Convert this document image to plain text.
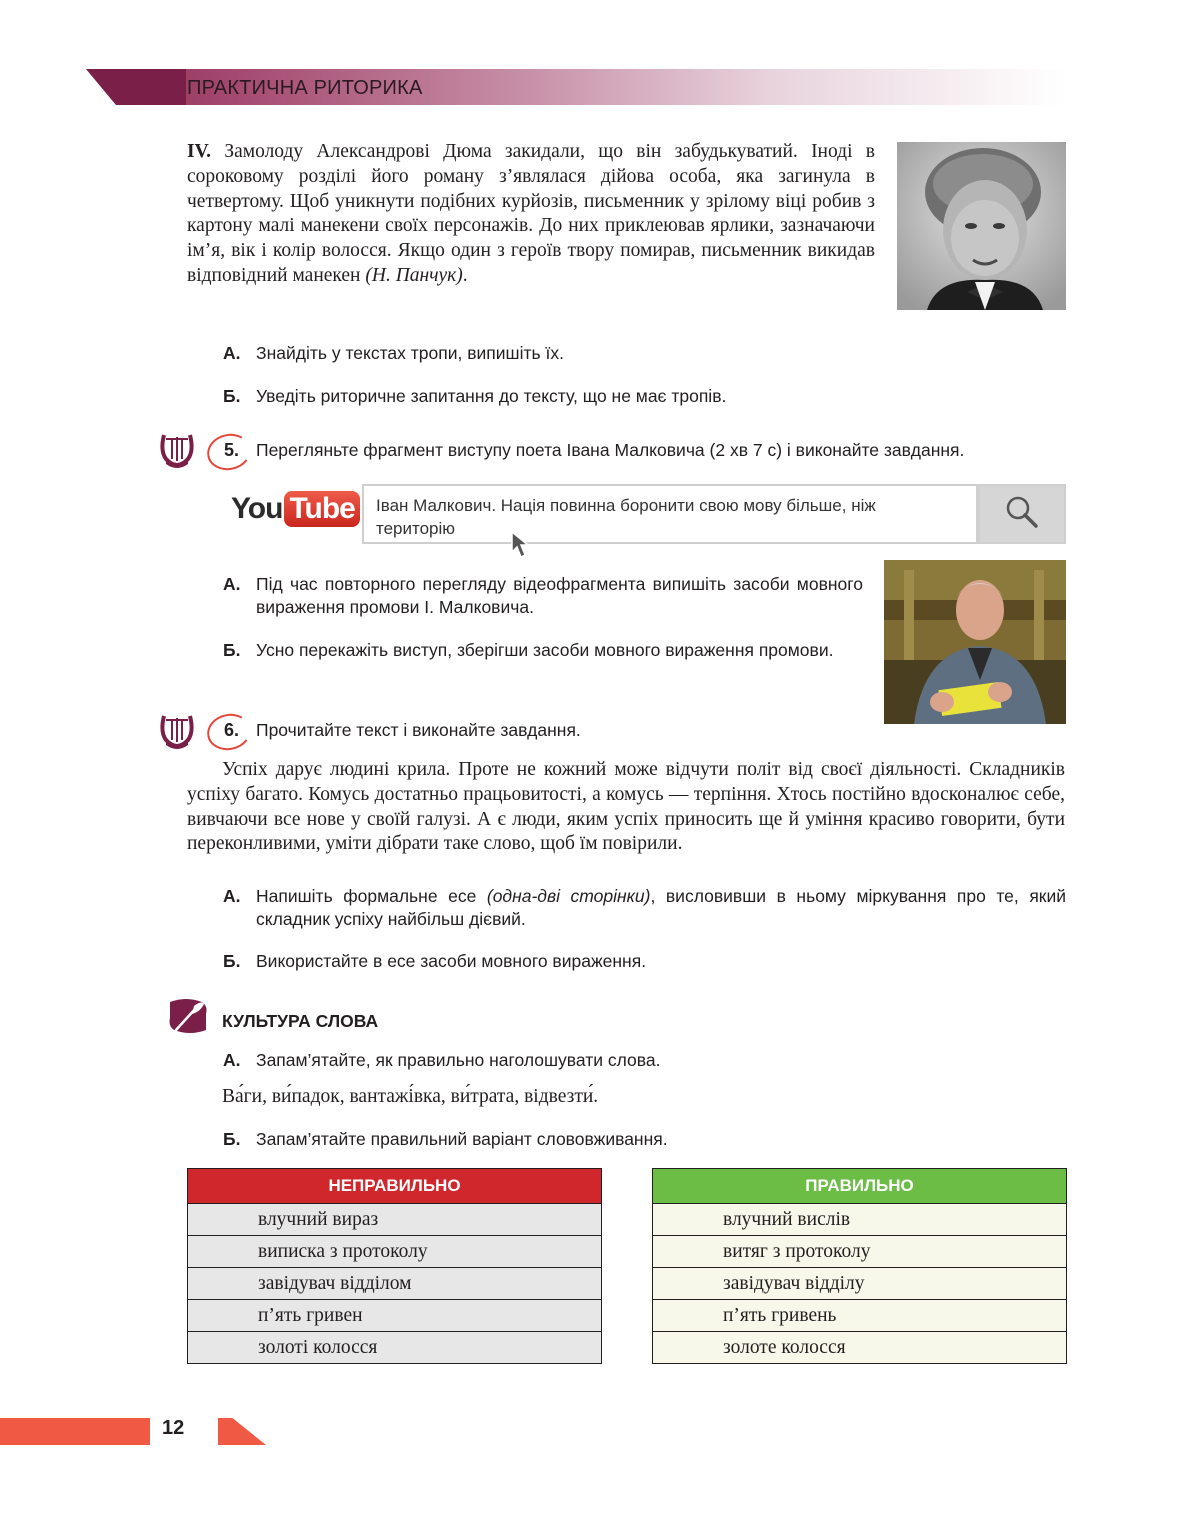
ПРАКТИЧНА РИТОРИКА

IV. Замолоду Александрові Дюма закидали, що він забудькуватий. Іноді в сороковому розділі його роману з’являлася дійова особа, яка загинула в четвертому. Щоб уникнути подібних курйозів, письменник у зрілому віці робив з картону малі манекени своїх персонажів. До них приклеював ярлики, зазначаючи ім’я, вік і колір волосся. Якщо один з героїв твору помирав, письменник викидав відповідний манекен (Н. Панчук).

А. Знайдіть у текстах тропи, випишіть їх.
Б. Уведіть риторичне запитання до тексту, що не має тропів.
5. Перегляньте фрагмент виступу поета Івана Малковича (2 хв 7 с) і виконайте завдання.
You Tube Іван Малкович. Нація повинна боронити свою мову більше, ніж територію
А. Під час повторного перегляду відеофрагмента випишіть засоби мовного вираження промови І. Малковича.
Б. Усно перекажіть виступ, зберігши засоби мовного вираження промови.
6. Прочитайте текст і виконайте завдання.

Успіх дарує людині крила. Проте не кожний може відчути політ від своєї діяльності. Складників успіху багато. Комусь достатньо працьовитості, а комусь — терпіння. Хтось постійно вдосконалює себе, вивчаючи все нове у своїй галузі. А є люди, яким успіх приносить ще й уміння красиво говорити, бути переконливими, уміти дібрати таке слово, щоб їм повірили.

А. Напишіть формальне есе (одна-дві сторінки), висловивши в ньому міркування про те, який складник успіху найбільш дієвий.
Б. Використайте в есе засоби мовного вираження.
КУЛЬТУРА СЛОВА
А. Запам’ятайте, як правильно наголошувати слова.
Ва́ги, ви́падок, вантажі́вка, ви́трата, відвезти́.
Б. Запам’ятайте правильний варіант слововживання.
НЕПРАВИЛЬНО
влучний вираз
виписка з протоколу
завідувач відділом
п’ять гривен
золоті колосся
ПРАВИЛЬНО
влучний вислів
витяг з протоколу
завідувач відділу
п’ять гривень
золоте колосся
12
